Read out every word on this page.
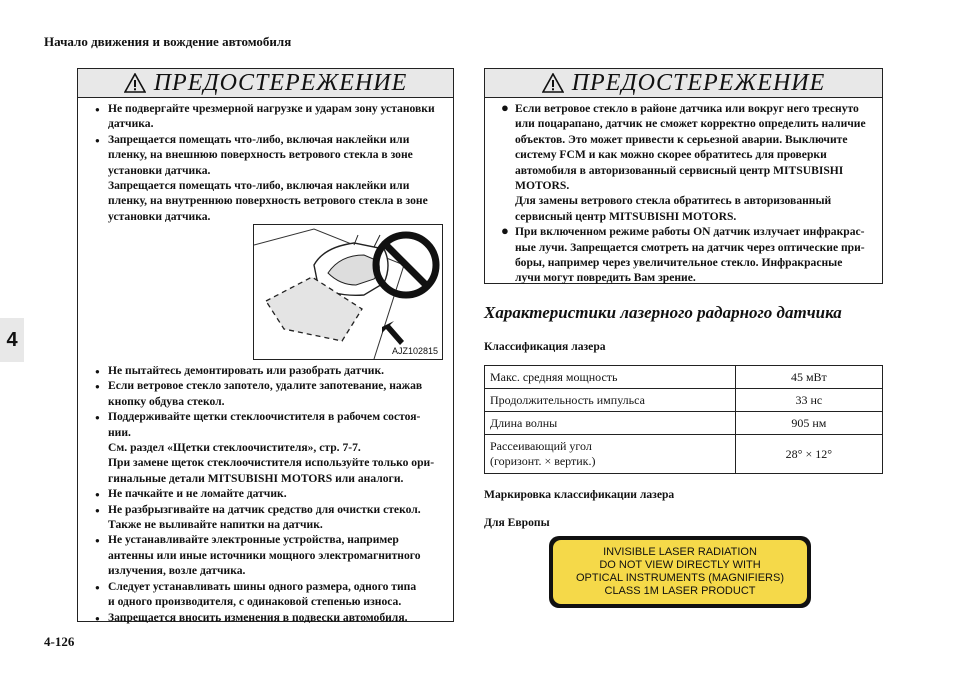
Начало движения и вождение автомобиля
4
4-126
ПРЕДОСТЕРЕЖЕНИЕ
● Не подвергайте чрезмерной нагрузке и ударам зону установки
датчика.
● Запрещается помещать что-либо, включая наклейки или
пленку, на внешнюю поверхность ветрового стекла в зоне
установки датчика.
Запрещается помещать что-либо, включая наклейки или
пленку, на внутреннюю поверхность ветрового стекла в зоне
установки датчика.
● Не пытайтесь демонтировать или разобрать датчик.
● Если ветровое стекло запотело, удалите запотевание, нажав
кнопку обдува стекол.
● Поддерживайте щетки стеклоочистителя в рабочем состоя-
нии.
См. раздел «Щетки стеклоочистителя», стр. 7-7.
При замене щеток стеклоочистителя используйте только ори-
гинальные детали MITSUBISHI MOTORS или аналоги.
● Не пачкайте и не ломайте датчик.
● Не разбрызгивайте на датчик средство для очистки стекол.
Также не выливайте напитки на датчик.
● Не устанавливайте электронные устройства, например
антенны или иные источники мощного электромагнитного
излучения, возле датчика.
● Следует устанавливать шины одного размера, одного типа
и одного производителя, с одинаковой степенью износа.
● Запрещается вносить изменения в подвески автомобиля.
AJZ102815
ПРЕДОСТЕРЕЖЕНИЕ
● Если ветровое стекло в районе датчика или вокруг него треснуто
или поцарапано, датчик не сможет корректно определить наличие
объектов. Это может привести к серьезной аварии. Выключите
систему FCM и как можно скорее обратитесь для проверки
автомобиля в авторизованный сервисный центр MITSUBISHI
MOTORS.
Для замены ветрового стекла обратитесь в авторизованный
сервисный центр MITSUBISHI MOTORS.
● При включенном режиме работы ON датчик излучает инфракрас-
ные лучи. Запрещается смотреть на датчик через оптические при-
боры, например через увеличительное стекло. Инфракрасные
лучи могут повредить Вам зрение.
Характеристики лазерного радарного датчика
Классификация лазера
Макс. средняя мощность	45 мВт

Продолжительность импульса	33 нс

Длина волны	905 нм

Рассеивающий угол
(горизонт. × вертик.)	28° × 12°
Маркировка классификации лазера
Для Европы
INVISIBLE LASER RADIATION
DO NOT VIEW DIRECTLY WITH
OPTICAL INSTRUMENTS (MAGNIFIERS)
CLASS 1M LASER PRODUCT
